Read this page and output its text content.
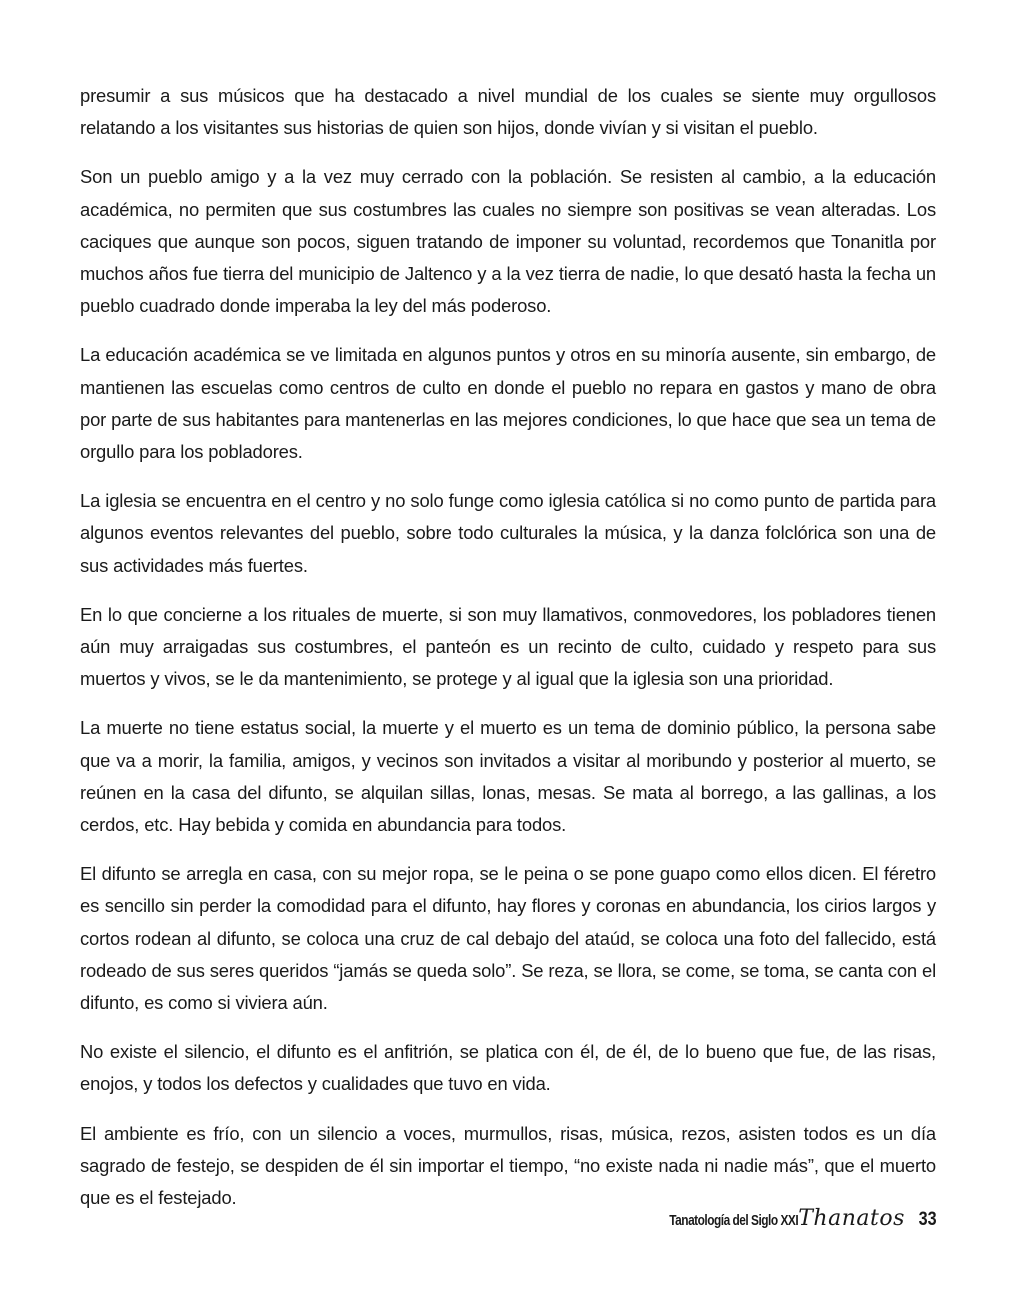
presumir a sus músicos que ha destacado a nivel mundial de los cuales se siente muy orgullosos relatando a los visitantes sus historias de quien son hijos, donde vivían y si visitan el pueblo.

Son un pueblo amigo y a la vez muy cerrado con la población. Se resisten al cambio, a la educación académica, no permiten que sus costumbres las cuales no siempre son positivas se vean alteradas. Los caciques que aunque son pocos, siguen tratando de imponer su voluntad, recordemos que Tonanitla por muchos años fue tierra del municipio de Jaltenco y a la vez tierra de nadie, lo que desató hasta la fecha un pueblo cuadrado donde imperaba la ley del más poderoso.

La educación académica se ve limitada en algunos puntos y otros en su minoría ausente, sin embargo, de mantienen las escuelas como centros de culto en donde el pueblo no repara en gastos y mano de obra por parte de sus habitantes para mantenerlas en las mejores condiciones, lo que hace que sea un tema de orgullo para los pobladores.

La iglesia se encuentra en el centro y no solo funge como iglesia católica si no como punto de partida para algunos eventos relevantes del pueblo, sobre todo culturales la música, y la danza folclórica son una de sus actividades más fuertes.

En lo que concierne a los rituales de muerte, si son muy llamativos, conmovedores, los pobladores tienen aún muy arraigadas sus costumbres, el panteón es un recinto de culto, cuidado y respeto para sus muertos y vivos, se le da mantenimiento, se protege y al igual que la iglesia son una prioridad.

La muerte no tiene estatus social, la muerte y el muerto es un tema de dominio público, la persona sabe que va a morir, la familia, amigos, y vecinos son invitados a visitar al moribundo y posterior al muerto, se reúnen en la casa del difunto, se alquilan sillas, lonas, mesas. Se mata al borrego, a las gallinas, a los cerdos, etc. Hay bebida y comida en abundancia para todos.

El difunto se arregla en casa, con su mejor ropa, se le peina o se pone guapo como ellos dicen. El féretro es sencillo sin perder la comodidad para el difunto, hay flores y coronas en abundancia, los cirios largos y cortos rodean al difunto, se coloca una cruz de cal debajo del ataúd, se coloca una foto del fallecido, está rodeado de sus seres queridos “jamás se queda solo”. Se reza, se llora, se come, se toma, se canta con el difunto, es como si viviera aún.

No existe el silencio, el difunto es el anfitrión, se platica con él, de él, de lo bueno que fue, de las risas, enojos, y todos los defectos y cualidades que tuvo en vida.

El ambiente es frío, con un silencio a voces, murmullos, risas, música, rezos, asisten todos es un día sagrado de festejo, se despiden de él sin importar el tiempo, “no existe nada ni nadie más”, que el muerto que es el festejado.

Tanatología del Siglo XXI Thanatos 33
